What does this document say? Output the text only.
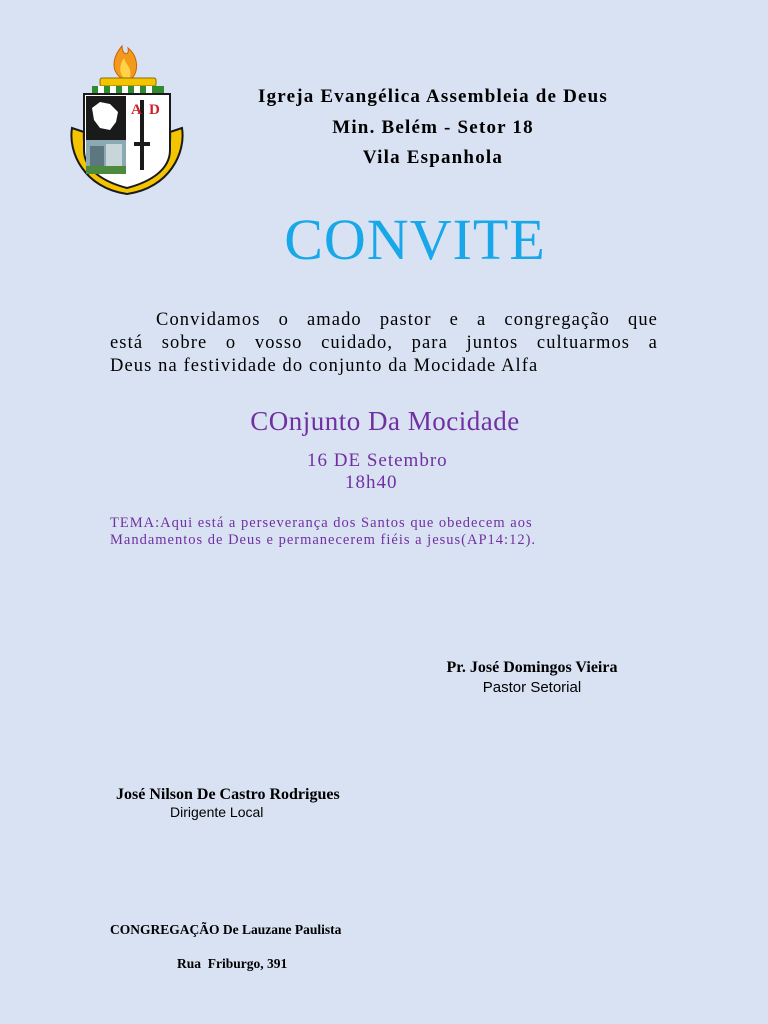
A D
Igreja Evangélica Assembleia de Deus
Min. Belém - Setor 18
Vila Espanhola
CONVITE
Convidamos o amado pastor e a congregação que
está sobre o vosso cuidado, para juntos cultuarmos a
Deus na festividade do conjunto da Mocidade Alfa
COnjunto Da Mocidade
16 DE Setembro
18h40
TEMA:Aqui está a perseverança dos Santos que obedecem aos
Mandamentos de Deus e permanecerem fiéis a jesus(AP14:12).
Pr. José Domingos Vieira
Pastor Setorial
José Nilson De Castro Rodrigues
Dirigente Local
CONGREGAÇÃO De Lauzane Paulista
Rua  Friburgo, 391
